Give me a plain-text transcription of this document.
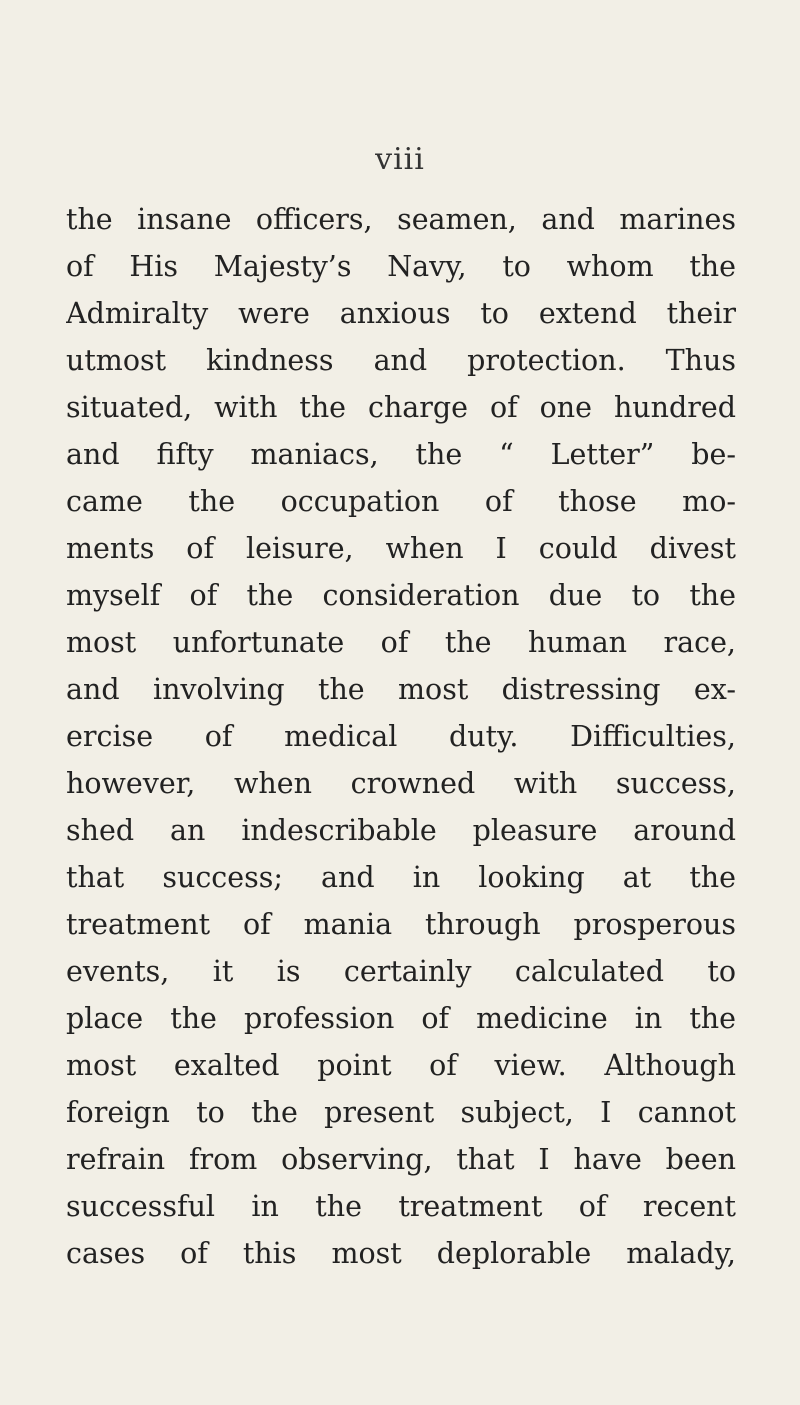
viii
the insane officers, seamen, and marines
of His Majesty’s Navy, to whom the
Admiralty were anxious to extend their
utmost kindness and protection. Thus
situated, with the charge of one hundred
and fifty maniacs, the “ Letter” be-
came the occupation of those mo-
ments of leisure, when I could divest
myself of the consideration due to the
most unfortunate of the human race,
and involving the most distressing ex-
ercise of medical duty. Difficulties,
however, when crowned with success,
shed an indescribable pleasure around
that success; and in looking at the
treatment of mania through prosperous
events, it is certainly calculated to
place the profession of medicine in the
most exalted point of view. Although
foreign to the present subject, I cannot
refrain from observing, that I have been
successful in the treatment of recent
cases of this most deplorable malady,
